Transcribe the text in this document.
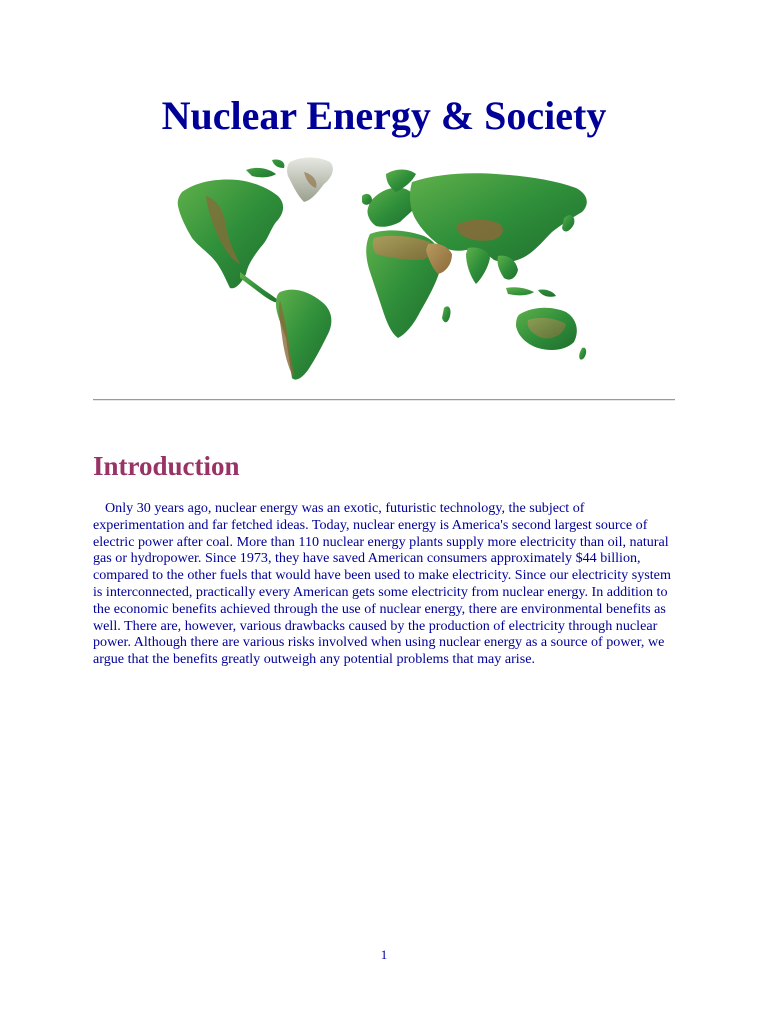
Nuclear Energy & Society
Introduction

Only 30 years ago, nuclear energy was an exotic, futuristic technology, the subject of experimentation and far fetched ideas. Today, nuclear energy is America's second largest source of electric power after coal. More than 110 nuclear energy plants supply more electricity than oil, natural gas or hydropower. Since 1973, they have saved American consumers approximately $44 billion, compared to the other fuels that would have been used to make electricity. Since our electricity system is interconnected, practically every American gets some electricity from nuclear energy. In addition to the economic benefits achieved through the use of nuclear energy, there are environmental benefits as well. There are, however, various drawbacks caused by the production of electricity through nuclear power. Although there are various risks involved when using nuclear energy as a source of power, we argue that the benefits greatly outweigh any potential problems that may arise.

1
